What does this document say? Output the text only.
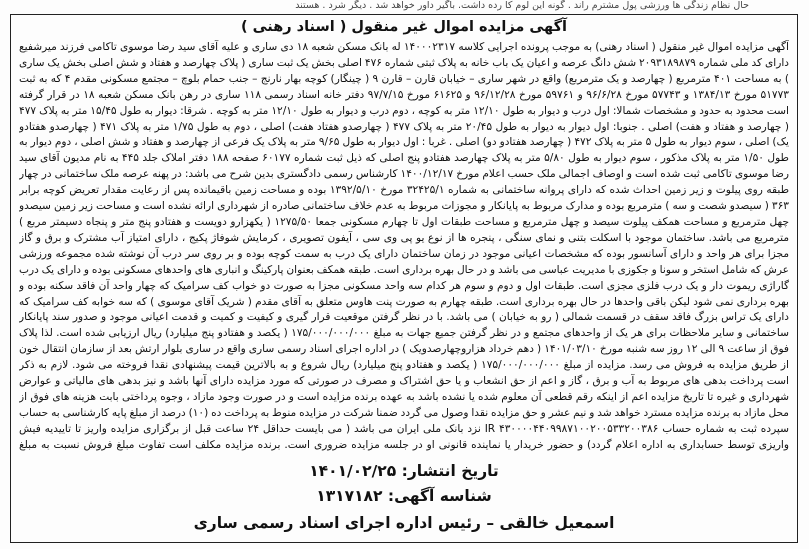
حال نظام زندگی ها ورزشی پول مشترم راند . گونه این لوم کا رده داشت. باگیر داور خواهد شد . دیگر شرد . هستند
آگهی مزایده اموال غیر منقول ( اسناد رهنی )
آگهی مزایده اموال غیر منقول ( اسناد رهنی) به موجب پرونده اجرایی کلاسه ۱۴۰۰۰۲۳۱۷ له بانک مسکن شعبه ۱۸ دی ساری و علیه آقای سید رضا موسوی تاکامی فرزند میرشفیع دارای کد ملی شماره ۲۰۹۳۱۸۹۸۷۹ شش دانگ عرصه و اعیان یک باب خانه به پلاک ثبتی شماره ۴۷۶ اصلی بخش یک ثبت ساری ( پلاک چهارصد و هفتاد و شش اصلی بخش یک ساری ) به مساحت ۴۰۱ مترمربع ( چهارصد و یک مترمربع) واقع در شهر ساری – خیابان قارن – قارن ۹ ( چینگار) کوچه بهار نارنج – جنب حمام بلوچ – مجتمع مسکونی مقدم ۴ که به ثبت ۵۱۷۷۳ مورخ ۱۳۸۴/۱۳ و ۵۷۷۴۳ مورخ ۹۶/۶/۲۸ و ۵۹۷۶۱ مورخ ۹۶/۱۲/۲۸ و ۶۱۶۲۵ مورخ ۹۷/۷/۱۵ دفتر خانه اسناد رسمی ۱۱۸ ساری در رهن بانک مسکن شعبه ۱۸ در قرار گرفته است محدود به حدود و مشخصات شمالا: اول درب و دیوار به طول ۱۲/۱۰ متر به کوچه ، دوم درب و دیوار به طول ۱۲/۱۰ متر به کوچه . شرقا: دیوار به طول ۱۵/۴۵ متر به پلاک ۴۷۷ ( چهارصد و هفتاد و هفت) اصلی . جنوبا: اول دیوار به دیوار به طول ۲۰/۴۵ متر به پلاک ۴۷۷ ( چهارصدو هفتاد هفت) اصلی ، دوم به طول ۱/۷۵ متر به پلاک ۴۷۱ ( چهارصدو هفتادو یک) اصلی ، سوم دیوار به طول ۵ متر به پلاک ۴۷۲ ( چهارصد هفتادو دو) اصلی . غربا : اول دیوار به طول ۹/۶۵ متر به پلاک یک فرعی از چهارصد و هفتاد و شش اصلی ، دوم دیوار به طول ۱/۵۰ متر به پلاک مذکور ، سوم دیوار به طول ۵/۸۰ متر به پلاک چهارصد هفتادو پنج اصلی که ذیل ثبت شماره ۶۰۱۷۷ صفحه ۱۸۸ دفتر املاک جلد ۴۴۵ به نام مدیون آقای سید رضا موسوی تاکامی ثبت شده است و اوصاف اجمالی ملک حسب اعلام مورخ ۱۴۰۰/۱۲/۱۷ کارشناس رسمی دادگستری بدین شرح می باشد: در پهنه عرصه ملک ساختمانی در چهار طبقه روی پیلوت و زیر زمین احداث شده که دارای پروانه ساختمانی به شماره ۳۲۴۲۵/۱ مورخ ۱۳۹۲/۵/۱۰ بوده و مساحت زمین باقیمانده پس از رعایت مقدار تعریض کوچه برابر ۳۶۳ ( سیصدو شصت و سه ) مترمربع بوده و مدارک مربوط به پایانکار و مجوزات مربوط به عدم خلاف ساختمانی صادره از شهرداری ارائه نشده است و مساحت زیر زمین سیصدو چهل مترمربع و مساحت همکف پیلوت سیصد و چهل مترمربع و مساحت طبقات اول تا چهارم مسکونی جمعا ۱۲۷۵/۵۰ ( یکهزارو دویست و هفتادو پنج متر و پنجاه دسیمتر مربع ) مترمربع می باشد. ساختمان موجود با اسکلت بتنی و نمای سنگی ، پنجره ها از نوع یو پی وی سی ، آیفون تصویری ، کرمایش شوفاژ پکیج ، دارای امتیاز آب مشترک و برق و گاز مجزا برای هر واحد و دارای آسانسور بوده که مشخصات اعیانی موجود در زمان ساختمان دارای یک درب به سمت کوچه بوده و بر روی سر درب آن نوشته شده مجموعه ورزشی عرش که شامل استخر و سونا و جکوزی با مدیریت عباسی می باشد و در حال بهره برداری است. طبقه همکف بعنوان پارکینگ و انباری های واحدهای مسکونی بوده و دارای یک درب گاراژی ریموت دار و یک درب فلزی مجزی است. طبقات اول و دوم و سوم هر کدام سه واحد مسکونی مجزا به صورت دو خواب کف سرامیک که چهار واحد آن فاقد سکنه بوده و بهره برداری نمی شود لیکن باقی واحدها در حال بهره برداری است. طبقه چهارم به صورت پنت هاوس متعلق به آقای مقدم ( شریک آقای موسوی ) که سه خوابه کف سرامیک که دارای یک تراس بزرگ فاقد سقف در قسمت شمالی ( رو به خیابان ) می باشد. با در نظر گرفتن موقعیت قرار گیری و کیفیت و کمیت و قدمت اعیانی موجود و صدور سند پایانکار ساختمانی و سایر ملاحظات برای هر یک از واحدهای مجتمع و در نظر گرفتن جمیع جهات به مبلغ ۱۷۵/۰۰۰/۰۰۰/۰۰۰ ( یکصد و هفتادو پنج میلیارد) ریال ارزیابی شده است. لذا پلاک فوق از ساعت ۹ الی ۱۲ روز سه شنبه مورخ ۱۴۰۱/۰۳/۱۰ ( دهم خرداد هزاروچهارصدویک ) در اداره اجرای اسناد رسمی ساری واقع در ساری بلوار ارتش بعد از سازمان انتقال خون از طریق مزایده به فروش می رسد. مزایده از مبلغ ۱۷۵/۰۰۰/۰۰۰/۰۰۰ ( یکصد و هفتادو پنج میلیارد) ریال شروع و به بالاترین قیمت پیشنهادی نقدا فروخته می شود. لازم به ذکر است پرداخت بدهی های مربوط به آب و برق ، گاز و اعم از حق انشعاب و یا حق اشتراک و مصرف در صورتی که مورد مزایده دارای آنها باشد و نیز بدهی های مالیاتی و عوارض شهرداری و غیره تا تاریخ مزایده اعم از اینکه رقم قطعی آن معلوم شده یا نشده باشد به عهده برنده مزایده است و در صورت وجود مازاد ، وجوه پرداختی بابت هزینه های فوق از محل مازاد به برنده مزایده مسترد خواهد شد و نیم عشر و حق مزایده نقدا وصول می گردد ضمنا شرکت در مزایده منوط به پرداخت ده (۱۰) درصد از مبلغ پایه کارشناسی به حساب سپرده ثبت به شماره حساب ۴۳۰۰۰۰۴۴۰۹۹۸۷۱۰۰۲۰۰۵۳۳۲۰۰۳۸۶ IR نزد بانک ملی ایران می باشد ( می بایست حداقل ۲۴ ساعت قبل از برگزاری مزایده واریز تا تاییدیه فیش واریزی توسط حسابداری به اداره اعلام گردد) و حضور خریدار یا نماینده قانونی او در جلسه مزایده ضروری است. برنده مزایده مکلف است تفاوت مبلغ فروش نسبت به مبلغ
تاریخ انتشار: ۱۴۰۱/۰۲/۲۵
شناسه آگهی: ۱۳۱۷۱۸۲
اسمعیل خالقی – رئیس اداره اجرای اسناد رسمی ساری
